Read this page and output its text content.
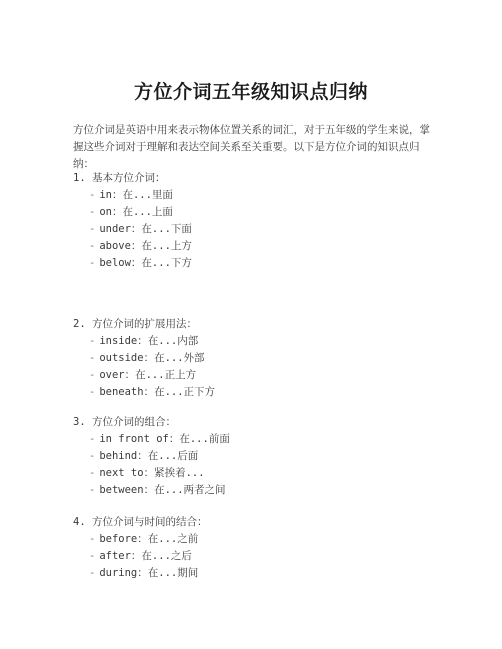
方位介词五年级知识点归纳

方位介词是英语中用来表示物体位置关系的词汇，对于五年级的学生来说，掌握这些介词对于理解和表达空间关系至关重要。以下是方位介词的知识点归纳：

1. 基本方位介词：
- in：在...里面
- on：在...上面
- under：在...下面
- above：在...上方
- below：在...下方
2. 方位介词的扩展用法：
- inside：在...内部
- outside：在...外部
- over：在...正上方
- beneath：在...正下方
3. 方位介词的组合：
- in front of：在...前面
- behind：在...后面
- next to：紧挨着...
- between：在...两者之间
4. 方位介词与时间的结合：
- before：在...之前
- after：在...之后
- during：在...期间
